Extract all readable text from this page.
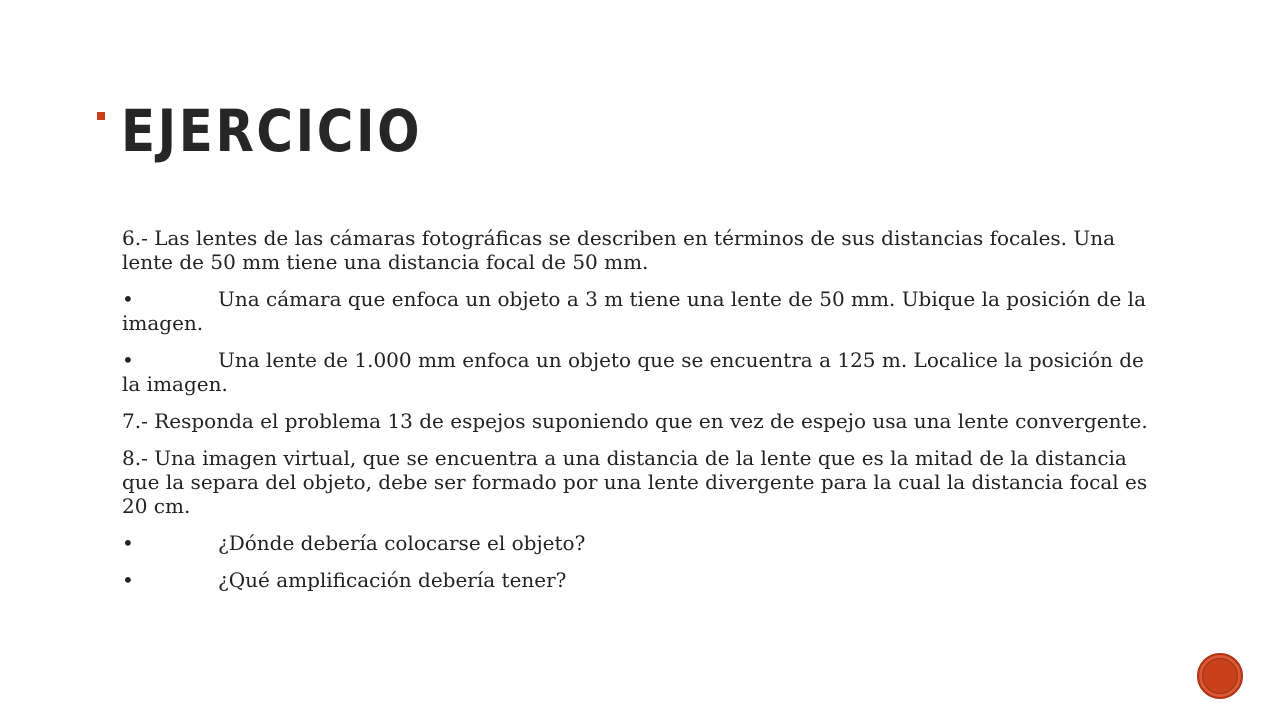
EJERCICIO

6.- Las lentes de las cámaras fotográficas se describen en términos de sus distancias focales. Una lente de 50 mm tiene una distancia focal de 50 mm.

•	Una cámara que enfoca un objeto a 3 m tiene una lente de 50 mm. Ubique la posición de la imagen.

•	Una lente de 1.000 mm enfoca un objeto que se encuentra a 125 m. Localice la posición de la imagen.

7.- Responda el problema 13 de espejos suponiendo que en vez de espejo usa una lente convergente.

8.- Una imagen virtual, que se encuentra a una distancia de la lente que es la mitad de la distancia que la separa del objeto, debe ser formado por una lente divergente para la cual la distancia focal es 20 cm.

•	¿Dónde debería colocarse el objeto?

•	¿Qué amplificación debería tener?
